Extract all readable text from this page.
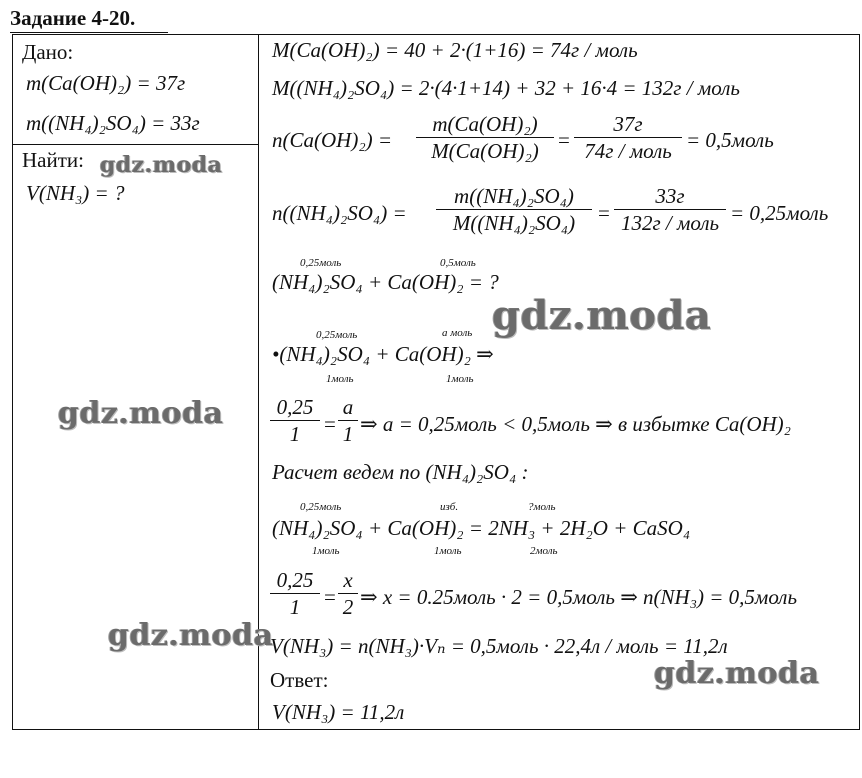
Задание 4-20.
Дано:
m(Ca(OH)₂) = 37г
m((NH₄)₂SO₄) = 33г
Найти:
V(NH₃) = ?
M(Ca(OH)₂) = 40 + 2·(1+16) = 74г / моль
M((NH₄)₂SO₄) = 2·(4·1+14) + 32 + 16·4 = 132г / моль
n(Ca(OH)₂) =
m(Ca(OH)₂)
M(Ca(OH)₂) =
37г
74г / моль = 0,5моль
n((NH₄)₂SO₄) =
m((NH₄)₂SO₄)
M((NH₄)₂SO₄)	=
33г
132г / моль = 0,25моль
0,25моль	0,5моль
(NH₄)₂SO₄ + Ca(OH)₂ = ?
0,25моль	a моль
•(NH₄)₂SO₄ + Ca(OH)₂ ⇒
1моль	1моль
0,25
1	=
a
1 ⇒ a = 0,25моль < 0,5моль ⇒ в избытке Ca(OH)₂
Расчет ведем по (NH₄)₂SO₄ :
0,25моль	изб.	?моль
(NH₄)₂SO₄ + Ca(OH)₂ = 2NH₃ + 2H₂O + CaSO₄
1моль	1моль	2моль
0,25
1	=
x
2 ⇒ x = 0.25моль · 2 = 0,5моль ⇒ n(NH₃) = 0,5моль
V(NH₃) = n(NH₃)·Vₙ = 0,5моль · 22,4л / моль = 11,2л
Ответ:
V(NH₃) = 11,2л
gdz.moda
gdz.moda
gdz.moda
gdz.moda
gdz.moda
